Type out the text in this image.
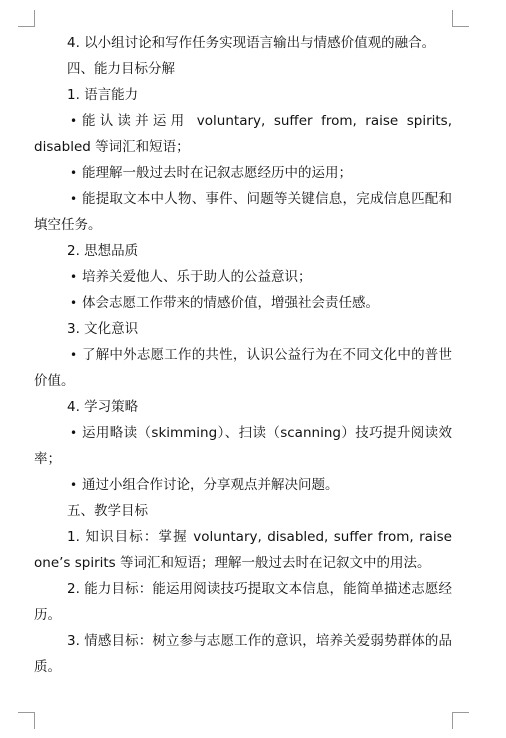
4. 以小组讨论和写作任务实现语言输出与情感价值观的融合。

四、能力目标分解

1. 语言能力

• 能认读并运用 voluntary, suffer from, raise spirits, disabled 等词汇和短语；

• 能理解一般过去时在记叙志愿经历中的运用；

• 能提取文本中人物、事件、问题等关键信息，完成信息匹配和填空任务。

2. 思想品质

• 培养关爱他人、乐于助人的公益意识；

• 体会志愿工作带来的情感价值，增强社会责任感。

3. 文化意识

• 了解中外志愿工作的共性，认识公益行为在不同文化中的普世价值。

4. 学习策略

• 运用略读（skimming）、扫读（scanning）技巧提升阅读效率；

• 通过小组合作讨论，分享观点并解决问题。

五、教学目标

1. 知识目标：掌握 voluntary, disabled, suffer from, raise one’s spirits 等词汇和短语；理解一般过去时在记叙文中的用法。

2. 能力目标：能运用阅读技巧提取文本信息，能简单描述志愿经历。

3. 情感目标：树立参与志愿工作的意识，培养关爱弱势群体的品质。
